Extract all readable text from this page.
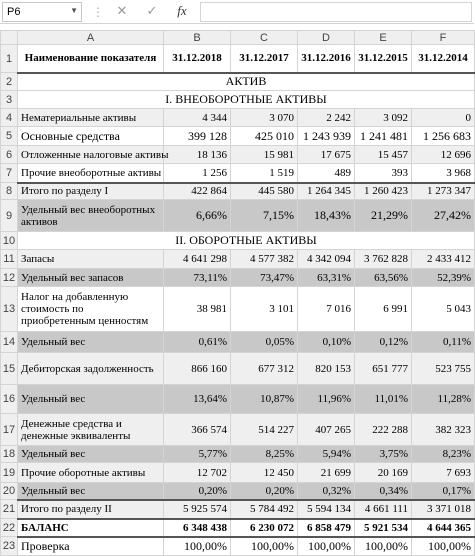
P6	▼ ⋮ ✕	✓	fx
	A	B	C	D	E	F
1	Наименование показателя	31.12.2018	31.12.2017	31.12.2016	31.12.2015	31.12.2014
2	АКТИВ					
3	I. ВНЕОБОРОТНЫЕ АКТИВЫ					
4	Нематериальные активы	4 344	3 070	2 242	3 092	0
5	Основные средства	399 128	425 010	1 243 939	1 241 481	1 256 683
6	Отложенные налоговые активы	18 136	15 981	17 675	15 457	12 696
7	Прочие внеоборотные активы	1 256	1 519	489	393	3 968
8	Итого по разделу I	422 864	445 580	1 264 345	1 260 423	1 273 347
9	Удельный вес внеоборотных активов	6,66%	7,15%	18,43%	21,29%	27,42%
10	II. ОБОРОТНЫЕ АКТИВЫ					
11	Запасы	4 641 298	4 577 382	4 342 094	3 762 828	2 433 412
12	Удельный вес запасов	73,11%	73,47%	63,31%	63,56%	52,39%
13	Налог на добавленную стоимость по приобретенным ценностям	38 981	3 101	7 016	6 991	5 043
14	Удельный вес	0,61%	0,05%	0,10%	0,12%	0,11%
15	Дебиторская задолженность	866 160	677 312	820 153	651 777	523 755
16	Удельный вес	13,64%	10,87%	11,96%	11,01%	11,28%
17	Денежные средства и денежные эквиваленты	366 574	514 227	407 265	222 288	382 323
18	Удельный вес	5,77%	8,25%	5,94%	3,75%	8,23%
19	Прочие оборотные активы	12 702	12 450	21 699	20 169	7 693
20	Удельный вес	0,20%	0,20%	0,32%	0,34%	0,17%
21	Итого по разделу II	5 925 574	5 784 492	5 594 134	4 661 111	3 371 018
22	БАЛАНС	6 348 438	6 230 072	6 858 479	5 921 534	4 644 365
23	Проверка	100,00%	100,00%	100,00%	100,00%	100,00%
